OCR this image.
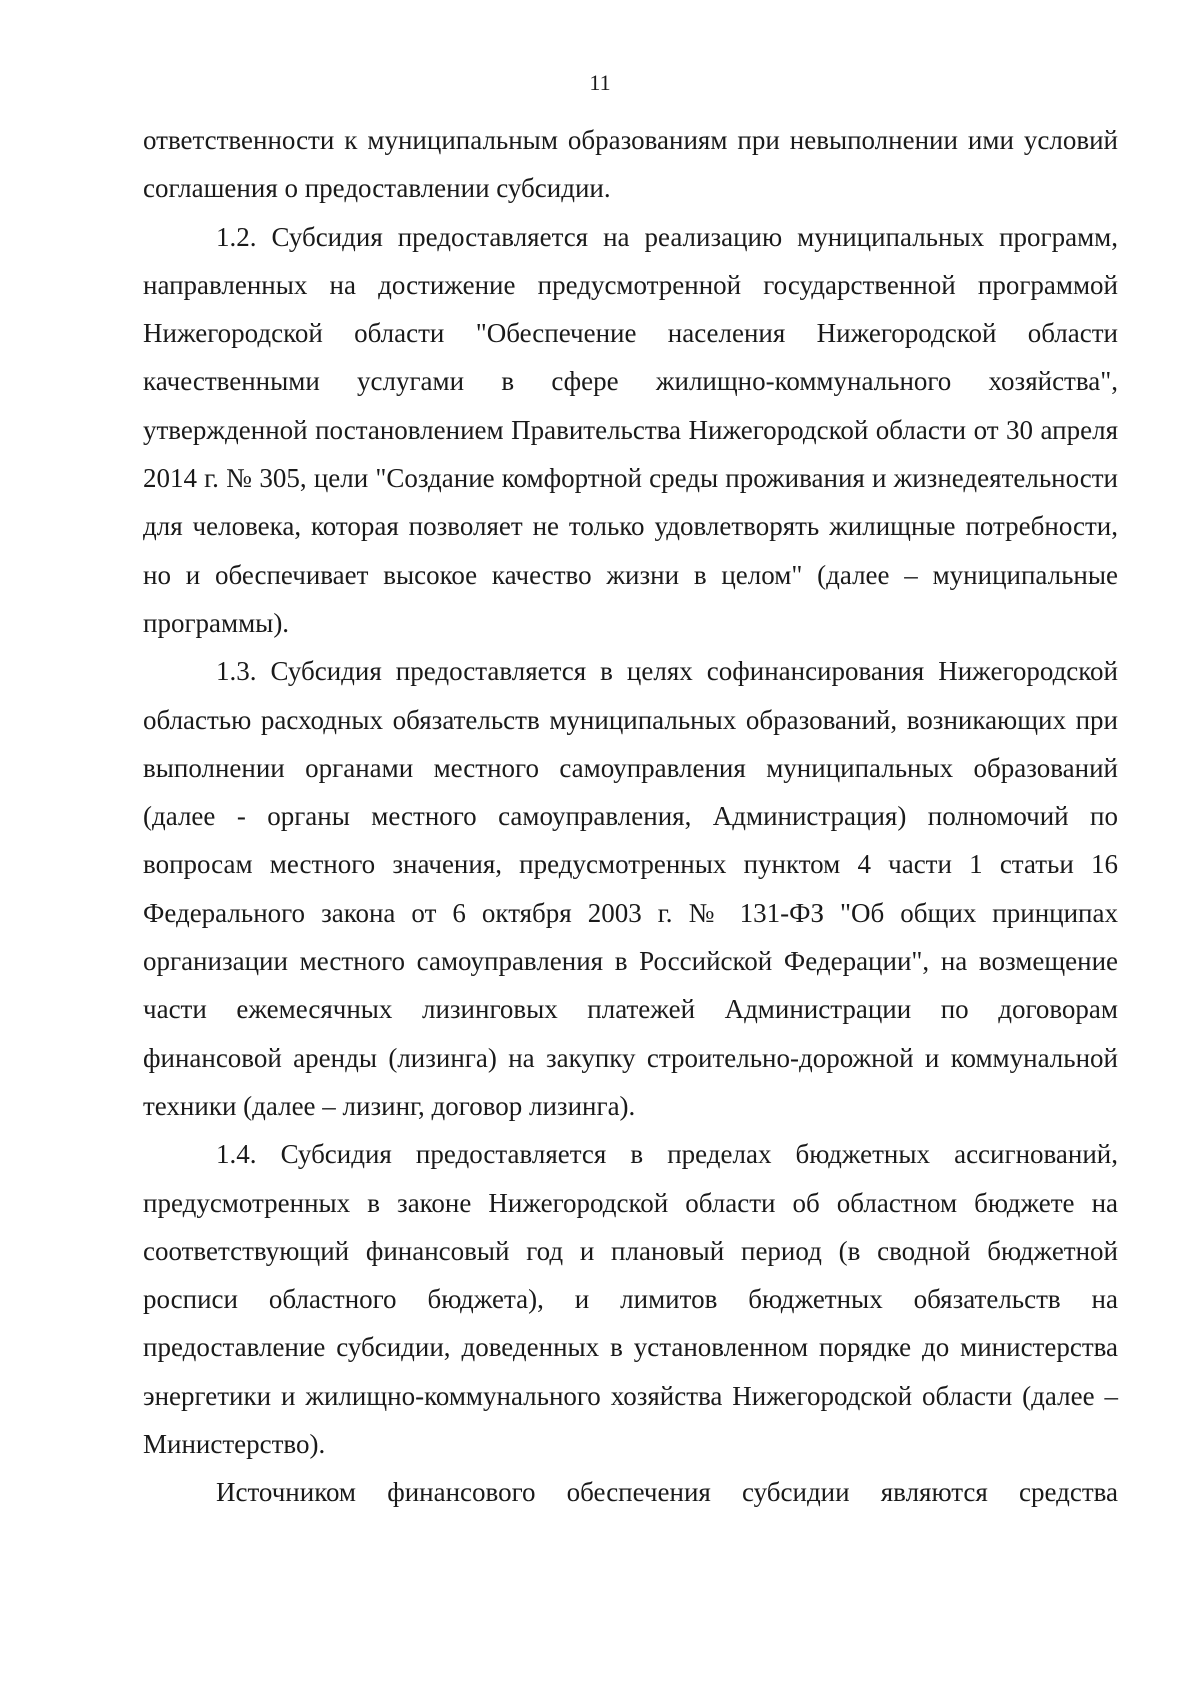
11

ответственности к муниципальным образованиям при невыполнении ими условий соглашения о предоставлении субсидии.

1.2. Субсидия предоставляется на реализацию муниципальных программ, направленных на достижение предусмотренной государственной программой Нижегородской области "Обеспечение населения Нижегородской области качественными услугами в сфере жилищно-коммунального хозяйства", утвержденной постановлением Правительства Нижегородской области от 30 апреля 2014 г. № 305, цели "Создание комфортной среды проживания и жизнедеятельности для человека, которая позволяет не только удовлетворять жилищные потребности, но и обеспечивает высокое качество жизни в целом" (далее – муниципальные программы).

1.3. Субсидия предоставляется в целях софинансирования Нижегородской областью расходных обязательств муниципальных образований, возникающих при выполнении органами местного самоуправления муниципальных образований (далее - органы местного самоуправления, Администрация) полномочий по вопросам местного значения, предусмотренных пунктом 4 части 1 статьи 16 Федерального закона от 6 октября 2003 г. № 131-ФЗ "Об общих принципах организации местного самоуправления в Российской Федерации", на возмещение части ежемесячных лизинговых платежей Администрации по договорам финансовой аренды (лизинга) на закупку строительно-дорожной и коммунальной техники (далее – лизинг, договор лизинга).

1.4. Субсидия предоставляется в пределах бюджетных ассигнований, предусмотренных в законе Нижегородской области об областном бюджете на соответствующий финансовый год и плановый период (в сводной бюджетной росписи областного бюджета), и лимитов бюджетных обязательств на предоставление субсидии, доведенных в установленном порядке до министерства энергетики и жилищно-коммунального хозяйства Нижегородской области (далее – Министерство).

Источником финансового обеспечения субсидии являются средства
